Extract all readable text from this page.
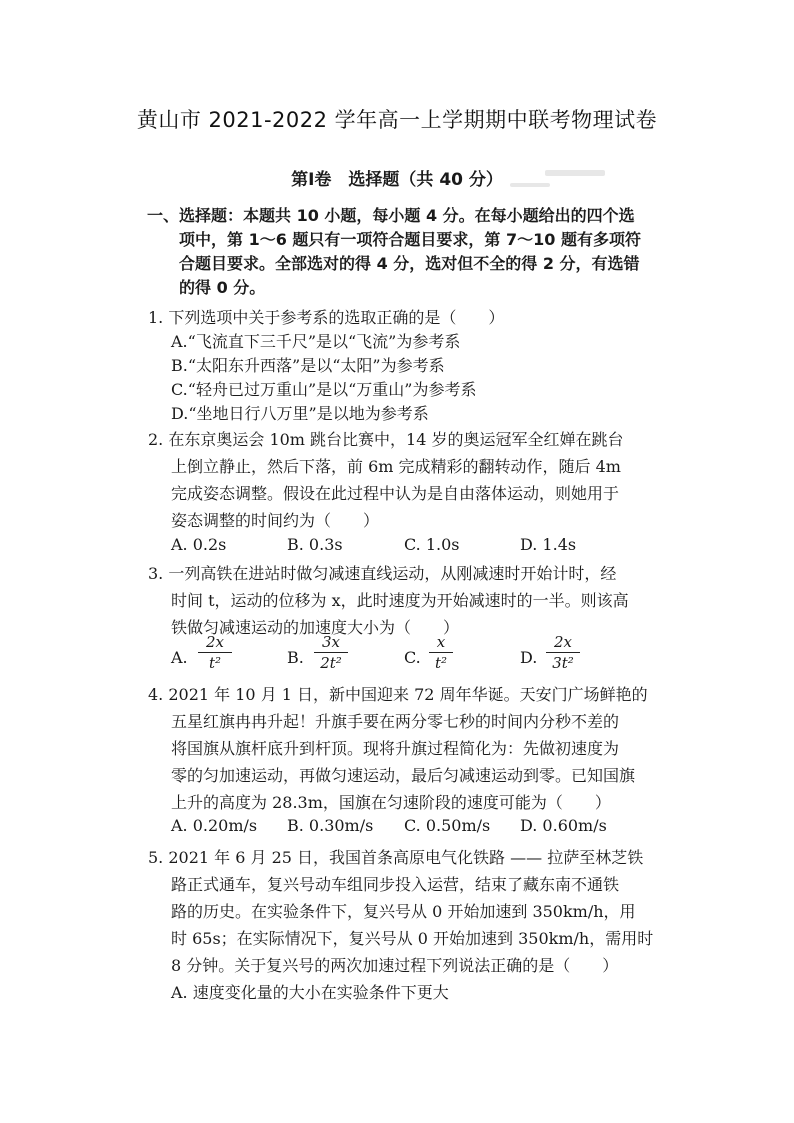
黄山市 2021-2022 学年高一上学期期中联考物理试卷
第Ⅰ卷　选择题（共 40 分）
一、选择题：本题共 10 小题，每小题 4 分。在每小题给出的四个选
项中，第 1～6 题只有一项符合题目要求，第 7～10 题有多项符
合题目要求。全部选对的得 4 分，选对但不全的得 2 分，有选错
的得 0 分。
1. 下列选项中关于参考系的选取正确的是（　　）
A.“飞流直下三千尺”是以“飞流”为参考系
B.“太阳东升西落”是以“太阳”为参考系
C.“轻舟已过万重山”是以“万重山”为参考系
D.“坐地日行八万里”是以地为参考系
2. 在东京奥运会 10m 跳台比赛中，14 岁的奥运冠军全红婵在跳台
上倒立静止，然后下落，前 6m 完成精彩的翻转动作，随后 4m
完成姿态调整。假设在此过程中认为是自由落体运动，则她用于
姿态调整的时间约为（　　）
A. 0.2s	B. 0.3s	C. 1.0s	D. 1.4s
3. 一列高铁在进站时做匀减速直线运动，从刚减速时开始计时，经
时间 t，运动的位移为 x，此时速度为开始减速时的一半。则该高
铁做匀减速运动的加速度大小为（　　）
A.
2x
t²	B.
3x
2t²	C.
x
t²	D.
2x
3t²
4. 2021 年 10 月 1 日，新中国迎来 72 周年华诞。天安门广场鲜艳的
五星红旗冉冉升起！升旗手要在两分零七秒的时间内分秒不差的
将国旗从旗杆底升到杆顶。现将升旗过程简化为：先做初速度为
零的匀加速运动，再做匀速运动，最后匀减速运动到零。已知国旗
上升的高度为 28.3m，国旗在匀速阶段的速度可能为（　　）
A. 0.20m/s B. 0.30m/s C. 0.50m/s D. 0.60m/s
5. 2021 年 6 月 25 日，我国首条高原电气化铁路 —— 拉萨至林芝铁
路正式通车，复兴号动车组同步投入运营，结束了藏东南不通铁
路的历史。在实验条件下，复兴号从 0 开始加速到 350km/h，用
时 65s；在实际情况下，复兴号从 0 开始加速到 350km/h，需用时
8 分钟。关于复兴号的两次加速过程下列说法正确的是（　　）
A. 速度变化量的大小在实验条件下更大
